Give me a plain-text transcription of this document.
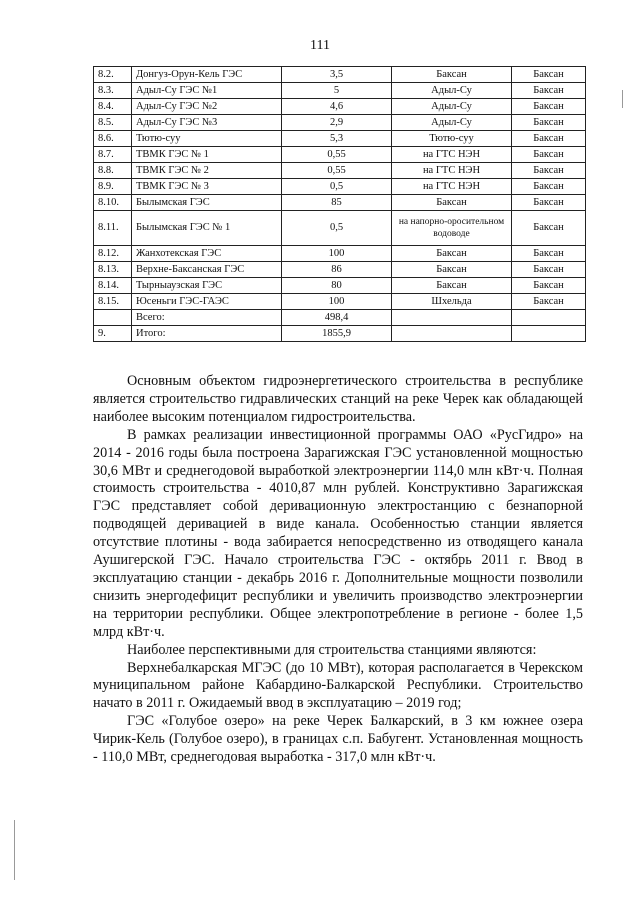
111
8.2.	Донгуз-Орун-Кель ГЭС	3,5	Баксан	Баксан
8.3.	Адыл-Су ГЭС №1	5	Адыл-Су	Баксан
8.4.	Адыл-Су ГЭС №2	4,6	Адыл-Су	Баксан
8.5.	Адыл-Су ГЭС №3	2,9	Адыл-Су	Баксан
8.6.	Тютю-суу	5,3	Тютю-суу	Баксан
8.7.	ТВМК ГЭС № 1	0,55	на ГТС НЭН	Баксан
8.8.	ТВМК ГЭС № 2	0,55	на ГТС НЭН	Баксан
8.9.	ТВМК ГЭС № 3	0,5	на ГТС НЭН	Баксан
8.10.	Былымская ГЭС	85	Баксан	Баксан
8.11.	Былымская ГЭС № 1	0,5	на напорно-оросительном водоводе	Баксан
8.12.	Жанхотекская ГЭС	100	Баксан	Баксан
8.13.	Верхне-Баксанская ГЭС	86	Баксан	Баксан
8.14.	Тырныаузская ГЭС	80	Баксан	Баксан
8.15.	Юсеньги ГЭС-ГАЭС	100	Шхельда	Баксан
	Всего:	498,4		
9.	Итого:	1855,9		

Основным объектом гидроэнергетического строительства в республике является строительство гидравлических станций на реке Черек как обладающей наиболее высоким потенциалом гидростроительства.

В рамках реализации инвестиционной программы ОАО «РусГидро» на 2014 - 2016 годы была построена Зарагижская ГЭС установленной мощностью 30,6 МВт и среднегодовой выработкой электроэнергии 114,0 млн кВт·ч. Полная стоимость строительства - 4010,87 млн рублей. Конструктивно Зарагижская ГЭС представляет собой деривационную электростанцию с безнапорной подводящей деривацией в виде канала. Особенностью станции является отсутствие плотины - вода забирается непосредственно из отводящего канала Аушигерской ГЭС. Начало строительства ГЭС - октябрь 2011 г. Ввод в эксплуатацию станции - декабрь 2016 г. Дополнительные мощности позволили снизить энергодефицит республики и увеличить производство электроэнергии на территории республики. Общее электропотребление в регионе - более 1,5 млрд кВт·ч.

Наиболее перспективными для строительства станциями являются:

Верхнебалкарская МГЭС (до 10 МВт), которая располагается в Черекском муниципальном районе Кабардино-Балкарской Республики. Строительство начато в 2011 г. Ожидаемый ввод в эксплуатацию – 2019 год;

ГЭС «Голубое озеро» на реке Черек Балкарский, в 3 км южнее озера Чирик-Кель (Голубое озеро), в границах с.п. Бабугент. Установленная мощность - 110,0 МВт, среднегодовая выработка - 317,0 млн кВт·ч.
